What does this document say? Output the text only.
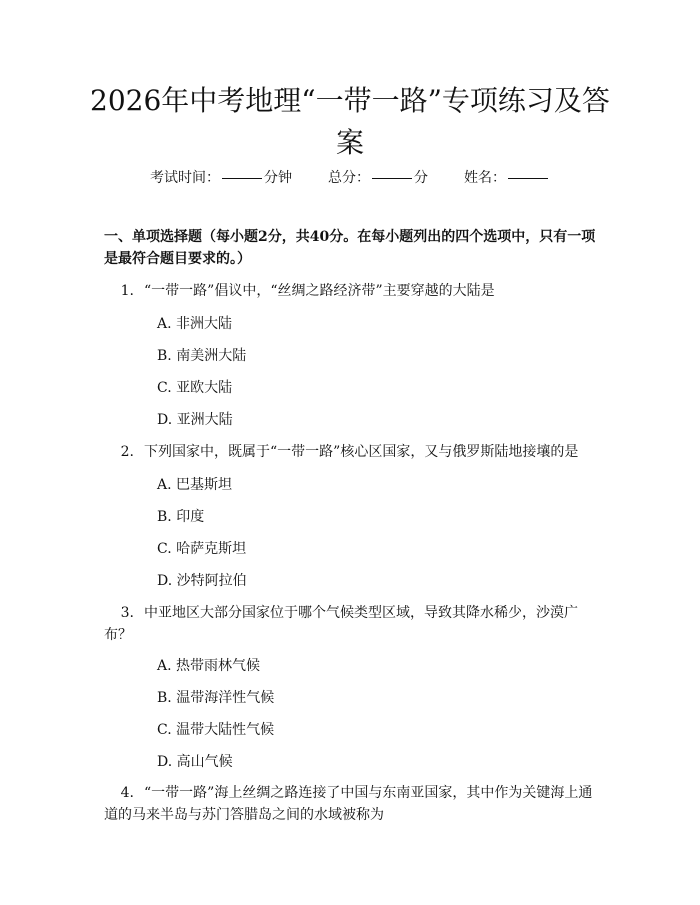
2026年中考地理“一带一路”专项练习及答案
考试时间：	分钟	总分：	分	姓名：

一、单项选择题（每小题2分，共40分。在每小题列出的四个选项中，只有一项是最符合题目要求的。）

1. “一带一路”倡议中，“丝绸之路经济带”主要穿越的大陆是
A. 非洲大陆
B. 南美洲大陆
C. 亚欧大陆
D. 亚洲大陆
2. 下列国家中，既属于“一带一路”核心区国家，又与俄罗斯陆地接壤的是
A. 巴基斯坦
B. 印度
C. 哈萨克斯坦
D. 沙特阿拉伯
3. 中亚地区大部分国家位于哪个气候类型区域，导致其降水稀少，沙漠广布？
A. 热带雨林气候
B. 温带海洋性气候
C. 温带大陆性气候
D. 高山气候
4. “一带一路”海上丝绸之路连接了中国与东南亚国家，其中作为关键海上通道的马来半岛与苏门答腊岛之间的水域被称为
